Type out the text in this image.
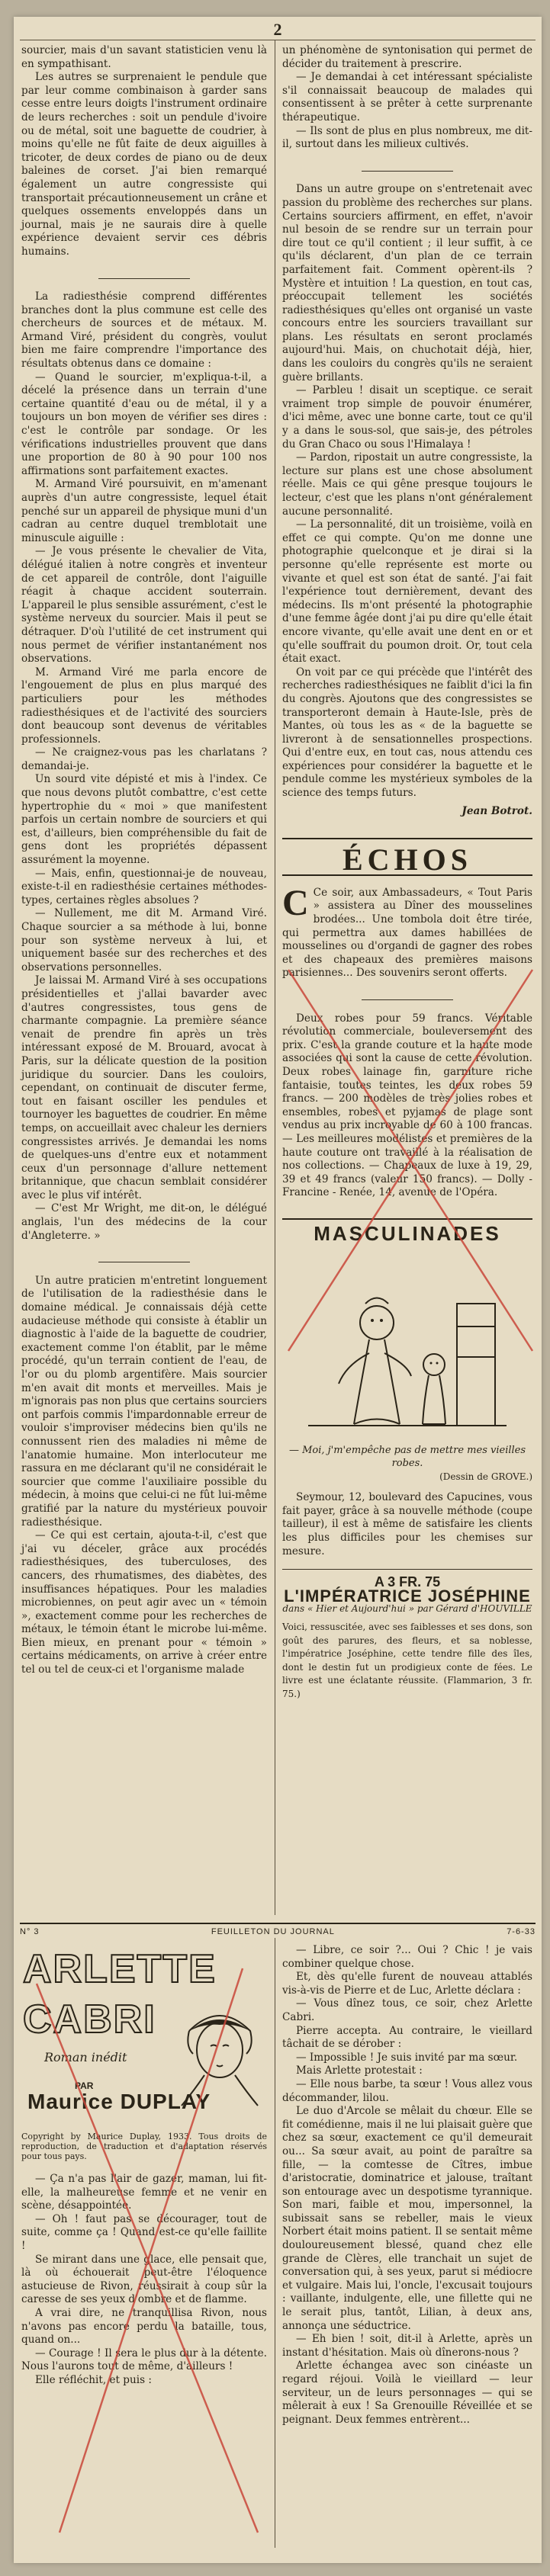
2

sourcier, mais d'un savant statisticien venu là en sympathisant.

Les autres se surprenaient le pendule que par leur comme combinaison à garder sans cesse entre leurs doigts l'instrument ordinaire de leurs recherches : soit un pendule d'ivoire ou de métal, soit une baguette de coudrier, à moins qu'elle ne fût faite de deux aiguilles à tricoter, de deux cordes de piano ou de deux baleines de corset. J'ai bien remarqué également un autre congressiste qui transportait précautionneusement un crâne et quelques ossements enveloppés dans un journal, mais je ne saurais dire à quelle expérience devaient servir ces débris humains.

La radiesthésie comprend différentes branches dont la plus commune est celle des chercheurs de sources et de métaux. M. Armand Viré, président du congrès, voulut bien me faire comprendre l'importance des résultats obtenus dans ce domaine :

— Quand le sourcier, m'expliqua-t-il, a décelé la présence dans un terrain d'une certaine quantité d'eau ou de métal, il y a toujours un bon moyen de vérifier ses dires : c'est le contrôle par sondage. Or les vérifications industrielles prouvent que dans une proportion de 80 à 90 pour 100 nos affirmations sont parfaitement exactes.

M. Armand Viré poursuivit, en m'amenant auprès d'un autre congressiste, lequel était penché sur un appareil de physique muni d'un cadran au centre duquel tremblotait une minuscule aiguille :

— Je vous présente le chevalier de Vita, délégué italien à notre congrès et inventeur de cet appareil de contrôle, dont l'aiguille réagit à chaque accident souterrain. L'appareil le plus sensible assurément, c'est le système nerveux du sourcier. Mais il peut se détraquer. D'où l'utilité de cet instrument qui nous permet de vérifier instantanément nos observations.

M. Armand Viré me parla encore de l'engouement de plus en plus marqué des particuliers pour les méthodes radiesthésiques et de l'activité des sourciers dont beaucoup sont devenus de véritables professionnels.

— Ne craignez-vous pas les charlatans ? demandai-je.

Un sourd vite dépisté et mis à l'index. Ce que nous devons plutôt combattre, c'est cette hypertrophie du « moi » que manifestent parfois un certain nombre de sourciers et qui est, d'ailleurs, bien compréhensible du fait de gens dont les propriétés dépassent assurément la moyenne.

— Mais, enfin, questionnai-je de nouveau, existe-t-il en radiesthésie certaines méthodes-types, certaines règles absolues ?

— Nullement, me dit M. Armand Viré. Chaque sourcier a sa méthode à lui, bonne pour son système nerveux à lui, et uniquement basée sur des recherches et des observations personnelles.

Je laissai M. Armand Viré à ses occupations présidentielles et j'allai bavarder avec d'autres congressistes, tous gens de charmante compagnie. La première séance venait de prendre fin après un très intéressant exposé de M. Brouard, avocat à Paris, sur la délicate question de la position juridique du sourcier. Dans les couloirs, cependant, on continuait de discuter ferme, tout en faisant osciller les pendules et tournoyer les baguettes de coudrier. En même temps, on accueillait avec chaleur les derniers congressistes arrivés. Je demandai les noms de quelques-uns d'entre eux et notamment ceux d'un personnage d'allure nettement britannique, que chacun semblait considérer avec le plus vif intérêt.

— C'est Mr Wright, me dit-on, le délégué anglais, l'un des médecins de la cour d'Angleterre. »

Un autre praticien m'entretint longuement de l'utilisation de la radiesthésie dans le domaine médical. Je connaissais déjà cette audacieuse méthode qui consiste à établir un diagnostic à l'aide de la baguette de coudrier, exactement comme l'on établit, par le même procédé, qu'un terrain contient de l'eau, de l'or ou du plomb argentifère. Mais sourcier m'en avait dit monts et merveilles. Mais je m'ignorais pas non plus que certains sourciers ont parfois commis l'impardonnable erreur de vouloir s'improviser médecins bien qu'ils ne connussent rien des maladies ni même de l'anatomie humaine. Mon interlocuteur me rassura en me déclarant qu'il ne considérait le sourcier que comme l'auxiliaire possible du médecin, à moins que celui-ci ne fût lui-même gratifié par la nature du mystérieux pouvoir radiesthésique.

— Ce qui est certain, ajouta-t-il, c'est que j'ai vu déceler, grâce aux procédés radiesthésiques, des tuberculoses, des cancers, des rhumatismes, des diabètes, des insuffisances hépatiques. Pour les maladies microbiennes, on peut agir avec un « témoin », exactement comme pour les recherches de métaux, le témoin étant le microbe lui-même. Bien mieux, en prenant pour « témoin » certains médicaments, on arrive à créer entre tel ou tel de ceux-ci et l'organisme malade

un phénomène de syntonisation qui permet de décider du traitement à prescrire.

— Je demandai à cet intéressant spécialiste s'il connaissait beaucoup de malades qui consentissent à se prêter à cette surprenante thérapeutique.

— Ils sont de plus en plus nombreux, me dit-il, surtout dans les milieux cultivés.

Dans un autre groupe on s'entretenait avec passion du problème des recherches sur plans. Certains sourciers affirment, en effet, n'avoir nul besoin de se rendre sur un terrain pour dire tout ce qu'il contient ; il leur suffit, à ce qu'ils déclarent, d'un plan de ce terrain parfaitement fait. Comment opèrent-ils ? Mystère et intuition ! La question, en tout cas, préoccupait tellement les sociétés radiesthésiques qu'elles ont organisé un vaste concours entre les sourciers travaillant sur plans. Les résultats en seront proclamés aujourd'hui. Mais, on chuchotait déjà, hier, dans les couloirs du congrès qu'ils ne seraient guère brillants.

— Parbleu ! disait un sceptique. ce serait vraiment trop simple de pouvoir énumérer, d'ici même, avec une bonne carte, tout ce qu'il y a dans le sous-sol, que sais-je, des pétroles du Gran Chaco ou sous l'Himalaya !

— Pardon, ripostait un autre congressiste, la lecture sur plans est une chose absolument réelle. Mais ce qui gêne presque toujours le lecteur, c'est que les plans n'ont généralement aucune personnalité.

— La personnalité, dit un troisième, voilà en effet ce qui compte. Qu'on me donne une photographie quelconque et je dirai si la personne qu'elle représente est morte ou vivante et quel est son état de santé. J'ai fait l'expérience tout dernièrement, devant des médecins. Ils m'ont présenté la photographie d'une femme âgée dont j'ai pu dire qu'elle était encore vivante, qu'elle avait une dent en or et qu'elle souffrait du poumon droit. Or, tout cela était exact.

On voit par ce qui précède que l'intérêt des recherches radiesthésiques ne faiblit d'ici la fin du congrès. Ajoutons que des congressistes se transporteront demain à Haute-Isle, près de Mantes, où tous les as « de la baguette se livreront à de sensationnelles prospections. Qui d'entre eux, en tout cas, nous attendu ces expériences pour considérer la baguette et le pendule comme les mystérieux symboles de la science des temps futurs.

Jean Botrot.
ÉCHOS

C Ce soir, aux Ambassadeurs, « Tout Paris » assistera au Dîner des mousselines brodées... Une tombola doit être tirée, qui permettra aux dames habillées de mousselines ou d'organdi de gagner des robes et des chapeaux des premières maisons parisiennes... Des souvenirs seront offerts.

Deux robes pour 59 francs. Véritable révolution commerciale, bouleversement des prix. C'est la grande couture et la haute mode associées qui sont la cause de cette révolution. Deux robes lainage fin, garniture riche fantaisie, toutes teintes, les deux robes 59 francs. — 200 modèles de très jolies robes et ensembles, robes et pyjamas de plage sont vendus au prix incroyable de 60 à 100 francas. — Les meilleures modélistes et premières de la haute couture ont travaillé à la réalisation de nos collections. — Chapeaux de luxe à 19, 29, 39 et 49 francs (valeur 150 francs). — Dolly - Francine - Renée, 14, avenue de l'Opéra.

MASCULINADES
— Moi, j'm'empêche pas de mettre mes vieilles robes.
(Dessin de GROVE.)

Seymour, 12, boulevard des Capucines, vous fait payer, grâce à sa nouvelle méthode (coupe tailleur), il est à même de satisfaire les clients les plus difficiles pour les chemises sur mesure.

A 3 FR. 75
L'IMPÉRATRICE JOSÉPHINE
dans « Hier et Aujourd'hui » par Gérard d'HOUVILLE
Voici, ressuscitée, avec ses faiblesses et ses dons, son goût des parures, des fleurs, et sa noblesse, l'impératrice Joséphine, cette tendre fille des îles, dont le destin fut un prodigieux conte de fées. Le livre est une éclatante réussite. (Flammarion, 3 fr. 75.)
N° 3	FEUILLETON DU JOURNAL	7-6-33
ARLETTE
CABRI
Roman inédit
PAR
Maurice DUPLAY
Copyright by Maurice Duplay, 1933. Tous droits de reproduction, de traduction et d'adaptation réservés pour tous pays.

— Ça n'a pas l'air de gazer, maman, lui fit-elle, la malheureuse femme et ne venir en scène, désappointée.

— Oh ! faut pas se décourager, tout de suite, comme ça ! Quand est-ce qu'elle faillite !

Se mirant dans une glace, elle pensait que, là où échouerait peut-être l'éloquence astucieuse de Rivon, réussirait à coup sûr la caresse de ses yeux d'ombre et de flamme.

A vrai dire, ne tranquillisa Rivon, nous n'avons pas encore perdu la bataille, tous, quand on...

— Courage ! Il sera le plus dur à la détente. Nous l'aurons tout de même, d'ailleurs !

Elle réfléchit, et puis :

— Libre, ce soir ?... Oui ? Chic ! je vais combiner quelque chose.

Et, dès qu'elle furent de nouveau attablés vis-à-vis de Pierre et de Luc, Arlette déclara :

— Vous dînez tous, ce soir, chez Arlette Cabri.

Pierre accepta. Au contraire, le vieillard tâchait de se dérober :

— Impossible ! Je suis invité par ma sœur.

Mais Arlette protestait :

— Elle nous barbe, ta sœur ! Vous allez vous décommander, lilou.

Le duo d'Arcole se mêlait du chœur. Elle se fit comédienne, mais il ne lui plaisait guère que chez sa sœur, exactement ce qu'il demeurait ou... Sa sœur avait, au point de paraître sa fille, — la comtesse de Cîtres, imbue d'aristocratie, dominatrice et jalouse, traîtant son entourage avec un despotisme tyrannique. Son mari, faible et mou, impersonnel, la subissait sans se rebeller, mais le vieux Norbert était moins patient. Il se sentait même douloureusement blessé, quand chez elle grande de Clères, elle tranchait un sujet de conversation qui, à ses yeux, parut si médiocre et vulgaire. Mais lui, l'oncle, l'excusait toujours : vaillante, indulgente, elle, une fillette qui ne le serait plus, tantôt, Lilian, à deux ans, annonça une séductrice.

— Eh bien ! soit, dit-il à Arlette, après un instant d'hésitation. Mais où dînerons-nous ?

Arlette échangea avec son cinéaste un regard réjoui. Voilà le vieillard — leur serviteur, un de leurs personnages — qui se mêlerait à eux ! Sa Grenouille Réveillée et se peignant. Deux femmes entrèrent...
